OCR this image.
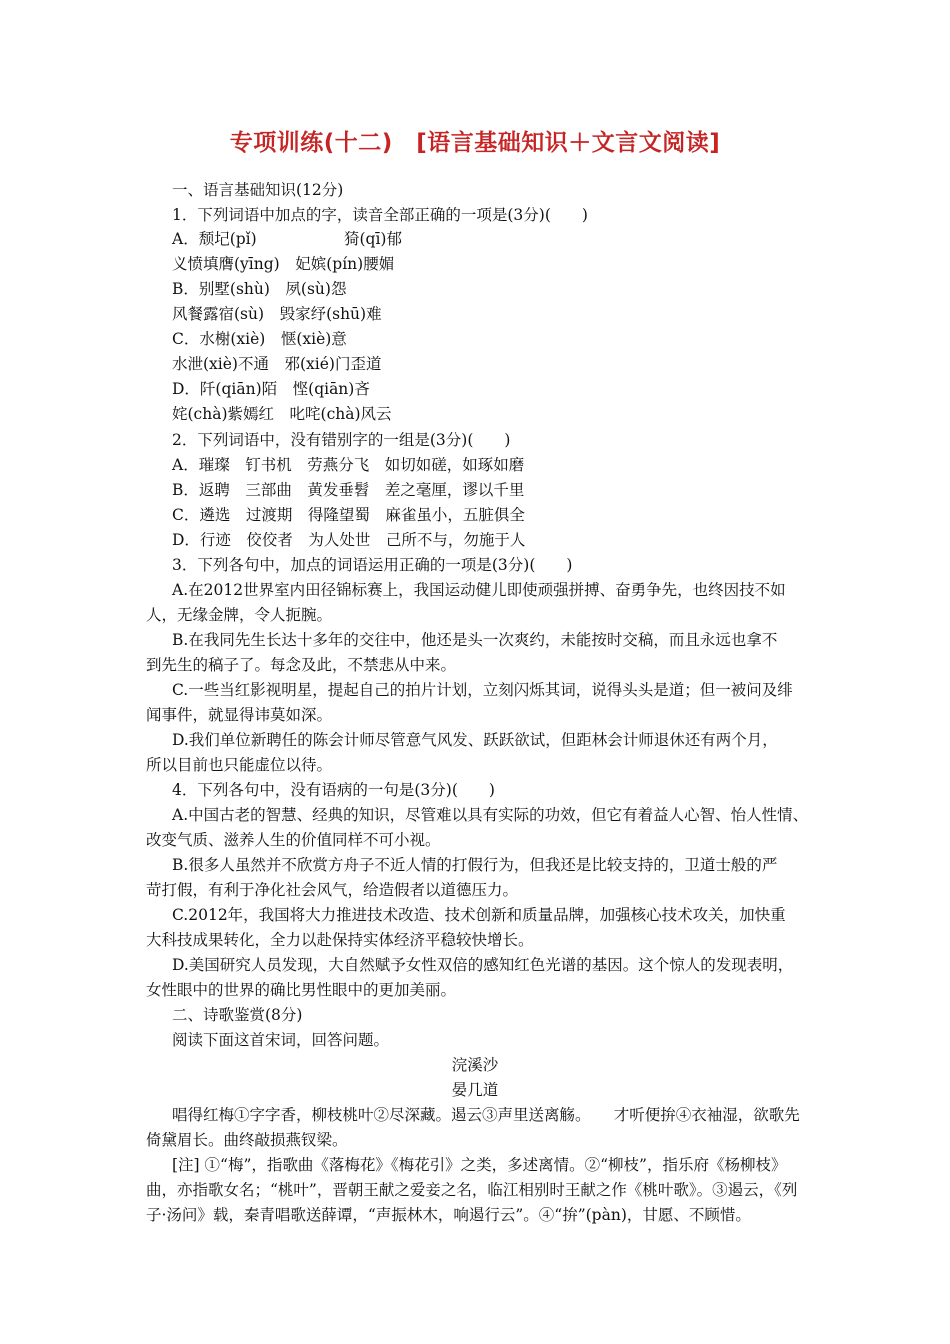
专项训练(十二)　[语言基础知识＋文言文阅读]
一、语言基础知识(12分)
1．下列词语中加点的字，读音全部正确的一项是(3分)(　　)
A．颓圮(pǐ)	猗(qī)郁
义愤填膺(yīng)　 妃嫔(pín)腰媚
B．别墅(shù)　 夙(sù)怨
风餐露宿(sù)　 毁家纾(shū)难
C．水榭(xiè)　 惬(xiè)意
水泄(xiè)不通　 邪(xié)门歪道
D．阡(qiān)陌　 悭(qiān)吝
姹(chà)紫嫣红　 叱咤(chà)风云
2．下列词语中，没有错别字的一组是(3分)(　　)
A．璀璨　钉书机　劳燕分飞　如切如磋，如琢如磨
B．返聘　三部曲　黄发垂髫　差之毫厘，谬以千里
C．遴选　过渡期　得隆望蜀　麻雀虽小，五脏俱全
D．行迹　佼佼者　为人处世　己所不与，勿施于人
3．下列各句中，加点的词语运用正确的一项是(3分)(　　)
A.在2012世界室内田径锦标赛上，我国运动健儿即使顽强拼搏、奋勇争先，也终因技不如
人，无缘金牌，令人扼腕。
B.在我同先生长达十多年的交往中，他还是头一次爽约，未能按时交稿，而且永远也拿不
到先生的稿子了。每念及此，不禁悲从中来。
C.一些当红影视明星，提起自己的拍片计划，立刻闪烁其词，说得头头是道；但一被问及绯
闻事件，就显得讳莫如深。
D.我们单位新聘任的陈会计师尽管意气风发、跃跃欲试，但距林会计师退休还有两个月，
所以目前也只能虚位以待。
4．下列各句中，没有语病的一句是(3分)(　　)
A.中国古老的智慧、经典的知识，尽管难以具有实际的功效，但它有着益人心智、怡人性情、
改变气质、滋养人生的价值同样不可小视。
B.很多人虽然并不欣赏方舟子不近人情的打假行为，但我还是比较支持的，卫道士般的严
苛打假，有利于净化社会风气，给造假者以道德压力。
C.2012年，我国将大力推进技术改造、技术创新和质量品牌，加强核心技术攻关，加快重
大科技成果转化，全力以赴保持实体经济平稳较快增长。
D.美国研究人员发现，大自然赋予女性双倍的感知红色光谱的基因。这个惊人的发现表明，
女性眼中的世界的确比男性眼中的更加美丽。
二、诗歌鉴赏(8分)
阅读下面这首宋词，回答问题。
浣溪沙
晏几道
唱得红梅①字字香，柳枝桃叶②尽深藏。遏云③声里送离觞。　　才听便拚④衣袖湿，欲歌先
倚黛眉长。曲终敲损燕钗梁。
[注] ①“梅”，指歌曲《落梅花》《梅花引》之类，多述离情。②“柳枝”，指乐府《杨柳枝》
曲，亦指歌女名；“桃叶”，晋朝王献之爱妾之名，临江相别时王献之作《桃叶歌》。③遏云，《列
子·汤问》载，秦青唱歌送薛谭，“声振林木，响遏行云”。④“拚”(pàn)，甘愿、不顾惜。
